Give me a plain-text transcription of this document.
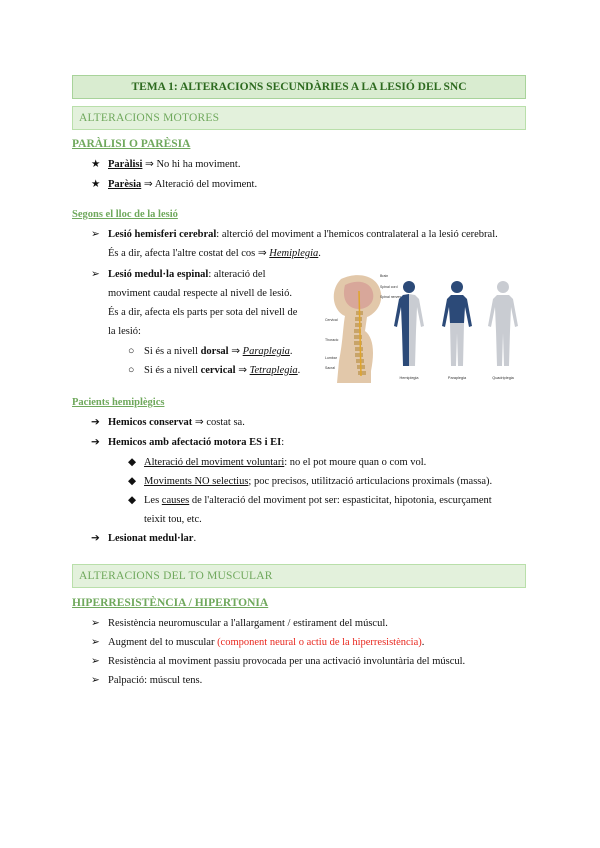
TEMA 1: ALTERACIONS SECUNDÀRIES A LA LESIÓ DEL SNC
ALTERACIONS MOTORES
PARÀLISI O PARÈSIA
★ Paràlisi ⇒ No hi ha moviment.
★ Parèsia ⇒ Alteració del moviment.
Segons el lloc de la lesió
➢ Lesió hemisferi cerebral: alterció del moviment a l'hemicos contralateral a la lesió cerebral.
És a dir, afecta l'altre costat del cos ⇒ Hemiplegia.
➢ Lesió medul·la espinal: alteració del
moviment caudal respecte al nivell de lesió.
És a dir, afecta els parts per sota del nivell de
la lesió:
○ Si és a nivell dorsal ⇒ Paraplegia.
○ Si és a nivell cervical ⇒ Tetraplegia.
Brain
Spinal cord
Spinal nerves
Cervical
Thoracic
Lumbar
Sacral
Hemiplegia	Paraplegia	Quadriplegia
Pacients hemiplègics
➔ Hemicos conservat ⇒ costat sa.
➔ Hemicos amb afectació motora ES i EI:
◆ Alteració del moviment voluntari: no el pot moure quan o com vol.
◆ Moviments NO selectius; poc precisos, utilització articulacions proximals (massa).
◆ Les causes de l'alteració del moviment pot ser: espasticitat, hipotonia, escurçament
teixit tou, etc.
➔ Lesionat medul·lar.
ALTERACIONS DEL TO MUSCULAR
HIPERRESISTÈNCIA / HIPERTONIA
➢ Resistència neuromuscular a l'allargament / estirament del múscul.
➢ Augment del to muscular (component neural o actiu de la hiperresistència).
➢ Resistència al moviment passiu provocada per una activació involuntària del múscul.
➢ Palpació: múscul tens.
